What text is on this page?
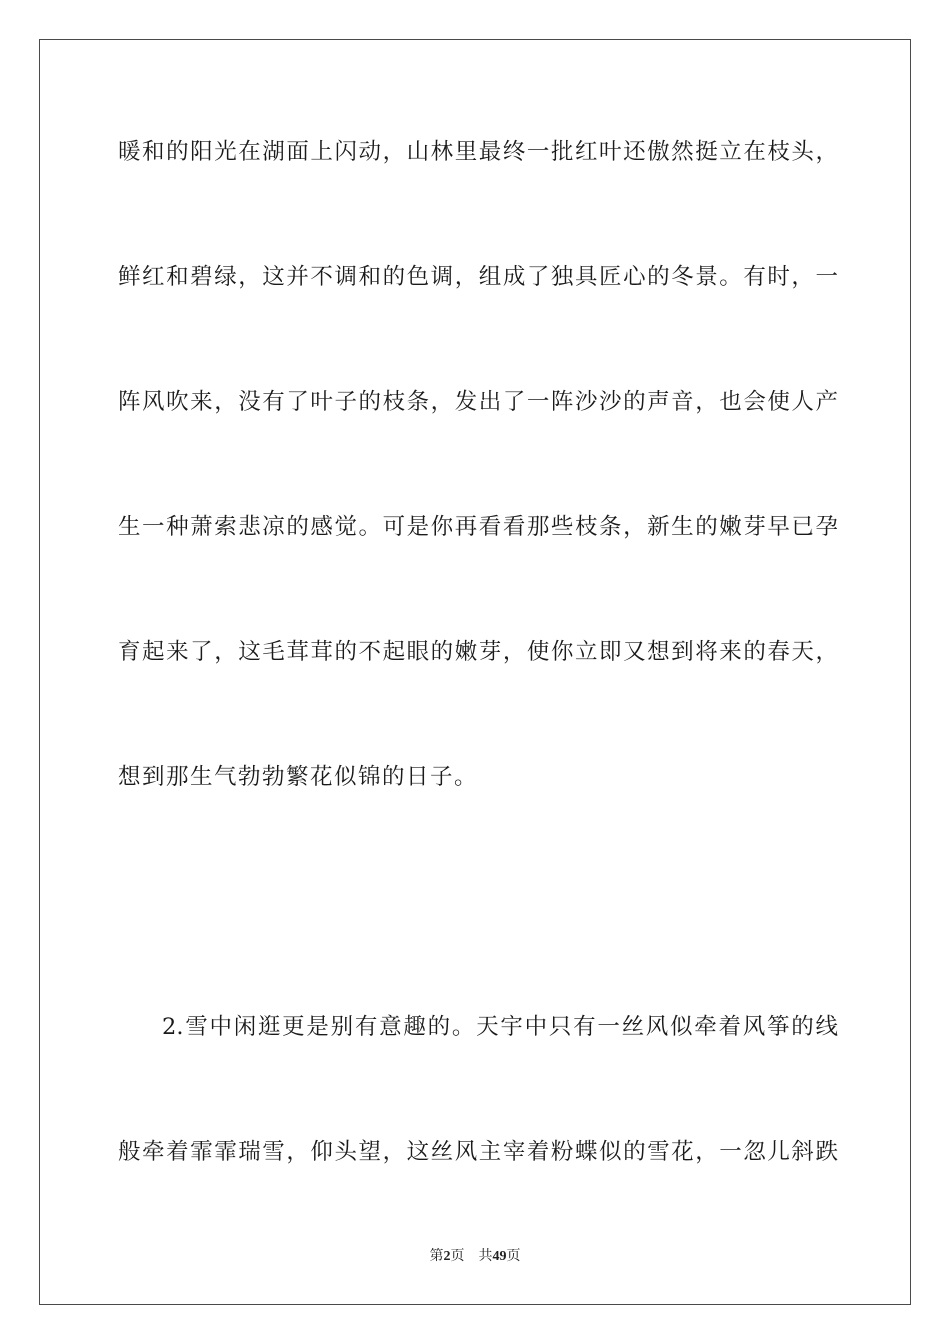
暖和的阳光在湖面上闪动，山林里最终一批红叶还傲然挺立在枝头，
鲜红和碧绿，这并不调和的色调，组成了独具匠心的冬景。有时，一
阵风吹来，没有了叶子的枝条，发出了一阵沙沙的声音，也会使人产
生一种萧索悲凉的感觉。可是你再看看那些枝条，新生的嫩芽早已孕
育起来了，这毛茸茸的不起眼的嫩芽，使你立即又想到将来的春天，
想到那生气勃勃繁花似锦的日子。
2.雪中闲逛更是别有意趣的。天宇中只有一丝风似牵着风筝的线
般牵着霏霏瑞雪，仰头望，这丝风主宰着粉蝶似的雪花，一忽儿斜跌
第2页 共49页
